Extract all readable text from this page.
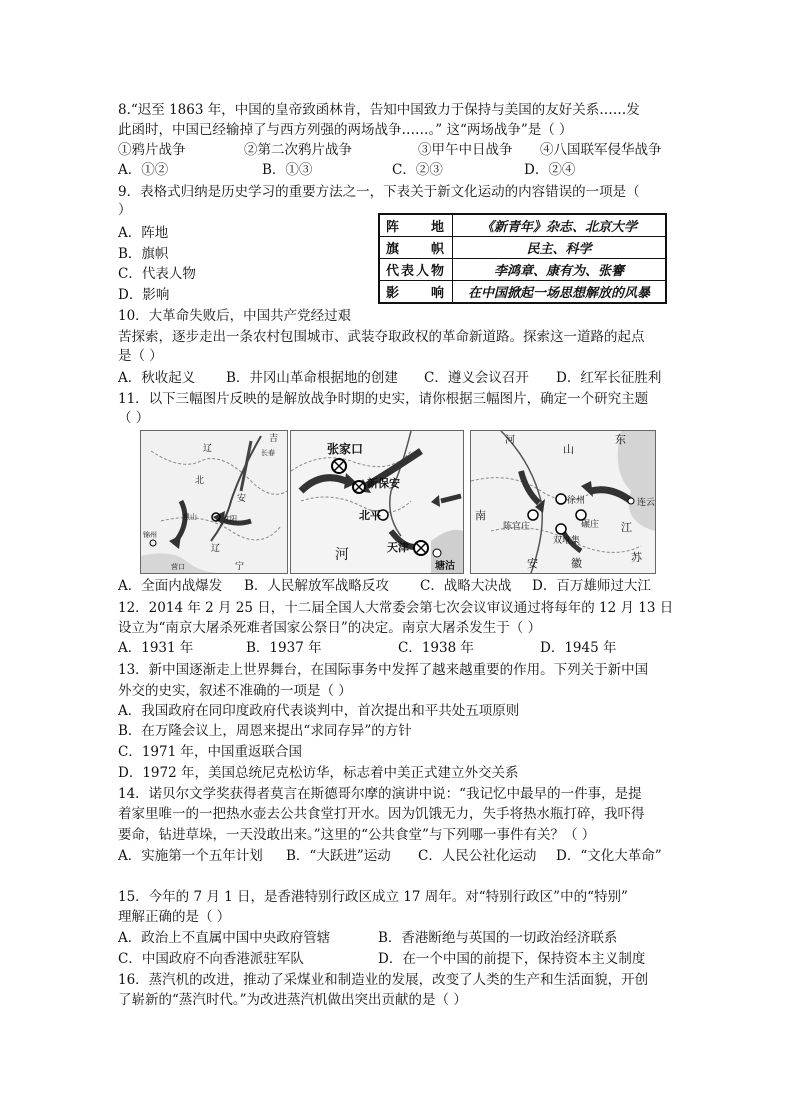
8.“迟至 1863 年，中国的皇帝致函林肯，告知中国致力于保持与美国的友好关系……发
此函时，中国已经输掉了与西方列强的两场战争……。” 这“两场战争”是（ ）
①鸦片战争	②第二次鸦片战争	③甲午中日战争 ④八国联军侵华战争
A．①②	B．①③	C．②③	D．②④
9．表格式归纳是历史学习的重要方法之一，下表关于新文化运动的内容错误的一项是（
）
A．阵地
B．旗帜
C．代表人物
D．影响
阵 地	《新青年》杂志、北京大学
旗 帜	民主、科学
代表人物	李鸿章、康有为、张謇
影 响	在中国掀起一场思想解放的风暴
10．大革命失败后，中国共产党经过艰
苦探索，逐步走出一条农村包围城市、武装夺取政权的革命新道路。探索这一道路的起点
是（ ）
A．秋收起义 B．井冈山革命根据地的创建 C．遵义会议召开 D．红军长征胜利
11．以下三幅图片反映的是解放战争时期的史实，请你根据三幅图片，确定一个研究主题
（ ）
辽
北
吉
长春
黑山	沈阳
安
锦州
营口
辽
宁
张家口
新保安
北平
天津
塘沽
河
河
山
东
徐州	连云
南
陈官庄	碾庄 江
双堆集
安	徽	苏
A．全面内战爆发 B．人民解放军战略反攻 C．战略大决战 D．百万雄师过大江
12．2014 年 2 月 25 日，十二届全国人大常委会第七次会议审议通过将每年的 12 月 13 日
设立为“南京大屠杀死难者国家公祭日”的决定。南京大屠杀发生于（ ）
A．1931 年	B．1937 年	C．1938 年	D．1945 年
13．新中国逐渐走上世界舞台，在国际事务中发挥了越来越重要的作用。下列关于新中国
外交的史实，叙述不准确的一项是（ ）
A．我国政府在同印度政府代表谈判中，首次提出和平共处五项原则
B．在万隆会议上，周恩来提出“求同存异”的方针
C．1971 年，中国重返联合国
D．1972 年，美国总统尼克松访华，标志着中美正式建立外交关系
14．诺贝尔文学奖获得者莫言在斯德哥尔摩的演讲中说：“我记忆中最早的一件事，是提
着家里唯一的一把热水壶去公共食堂打开水。因为饥饿无力，失手将热水瓶打碎，我吓得
要命，钻进草垛，一天没敢出来。”这里的“公共食堂”与下列哪一事件有关？（ ）
A．实施第一个五年计划 B．“大跃进”运动 C．人民公社化运动 D．“文化大革命”
15．今年的 7 月 1 日，是香港特别行政区成立 17 周年。对“特别行政区”中的“特别”
理解正确的是（ ）
A．政治上不直属中国中央政府管辖	B．香港断绝与英国的一切政治经济联系
C．中国政府不向香港派驻军队	D．在一个中国的前提下，保持资本主义制度
16．蒸汽机的改进，推动了采煤业和制造业的发展，改变了人类的生产和生活面貌，开创
了崭新的“蒸汽时代。”为改进蒸汽机做出突出贡献的是（ ）
